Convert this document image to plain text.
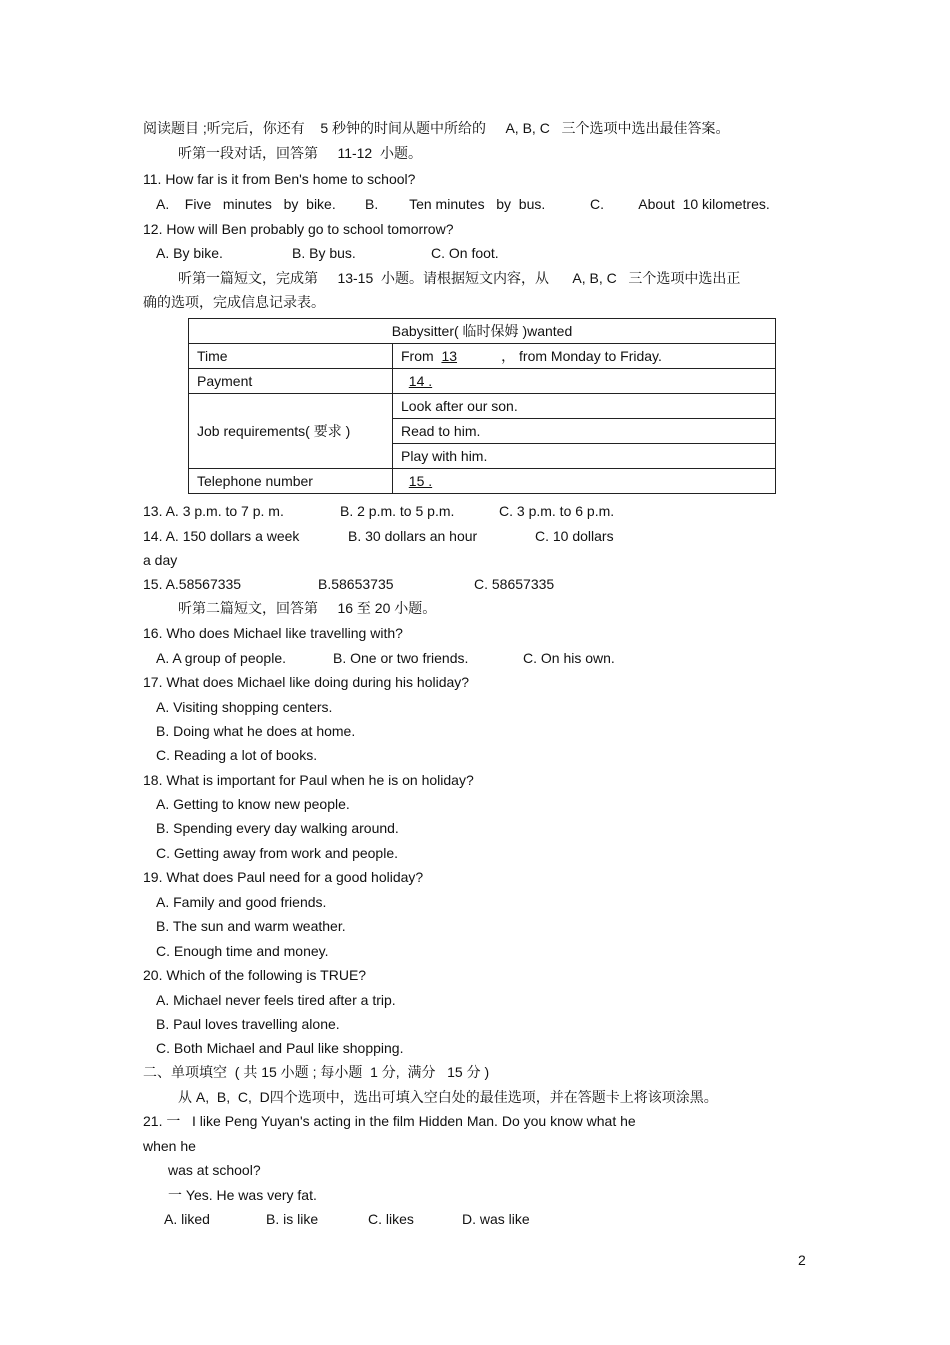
阅读题目 ;听完后，你还有    5 秒钟的时间从题中所给的     A, B, C   三个选项中选出最佳答案。
听第一段对话，回答第     11-12  小题。
11. How far is it from Ben's home to school?
A.    Five   minutes   by  bike. B.        Ten minutes   by  bus.	C.         About  10 kilometres.
12. How will Ben probably go to school tomorrow?
A. By bike.	B. By bus.	C. On foot.
听第一篇短文，完成第     13-15  小题。请根据短文内容，从      A, B, C   三个选项中选出正
确的选项，完成信息记录表。
Babysitter( 临时保姆 )wanted	
Time	From 13 ， from Monday to Friday.
Payment	14 .
Job requirements( 要求 )	Look after our son.
	Read to him.
	Play with him.
Telephone number	15 .
13. A. 3 p.m. to 7 p. m.	B. 2 p.m. to 5 p.m.	C. 3 p.m. to 6 p.m.
14. A. 150 dollars a week	B. 30 dollars an hour	C. 10 dollars
a day
15. A.58567335	B.58653735	C. 58657335
听第二篇短文，回答第     16 至 20 小题。
16. Who does Michael like travelling with?
A. A group of people.	B. One or two friends.	C. On his own.
17. What does Michael like doing during his holiday?
A. Visiting shopping centers.
B. Doing what he does at home.
C. Reading a lot of books.
18. What is important for Paul when he is on holiday?
A. Getting to know new people.
B. Spending every day walking around.
C. Getting away from work and people.
19. What does Paul need for a good holiday?
A. Family and good friends.
B. The sun and warm weather.
C. Enough time and money.
20. Which of the following is TRUE?
A. Michael never feels tired after a trip.
B. Paul loves travelling alone.
C. Both Michael and Paul like shopping.
二、单项填空  ( 共 15 小题 ; 每小题  1 分,  满分   15 分 )
从 A,  B,  C,  D四个选项中，选出可填入空白处的最佳选项，并在答题卡上将该项涂黑。
21. 一   I like Peng Yuyan's acting in the film Hidden Man. Do you know what he
when he
was at school?
一 Yes. He was very fat.
A. liked	B. is like	C. likes	D. was like
2
